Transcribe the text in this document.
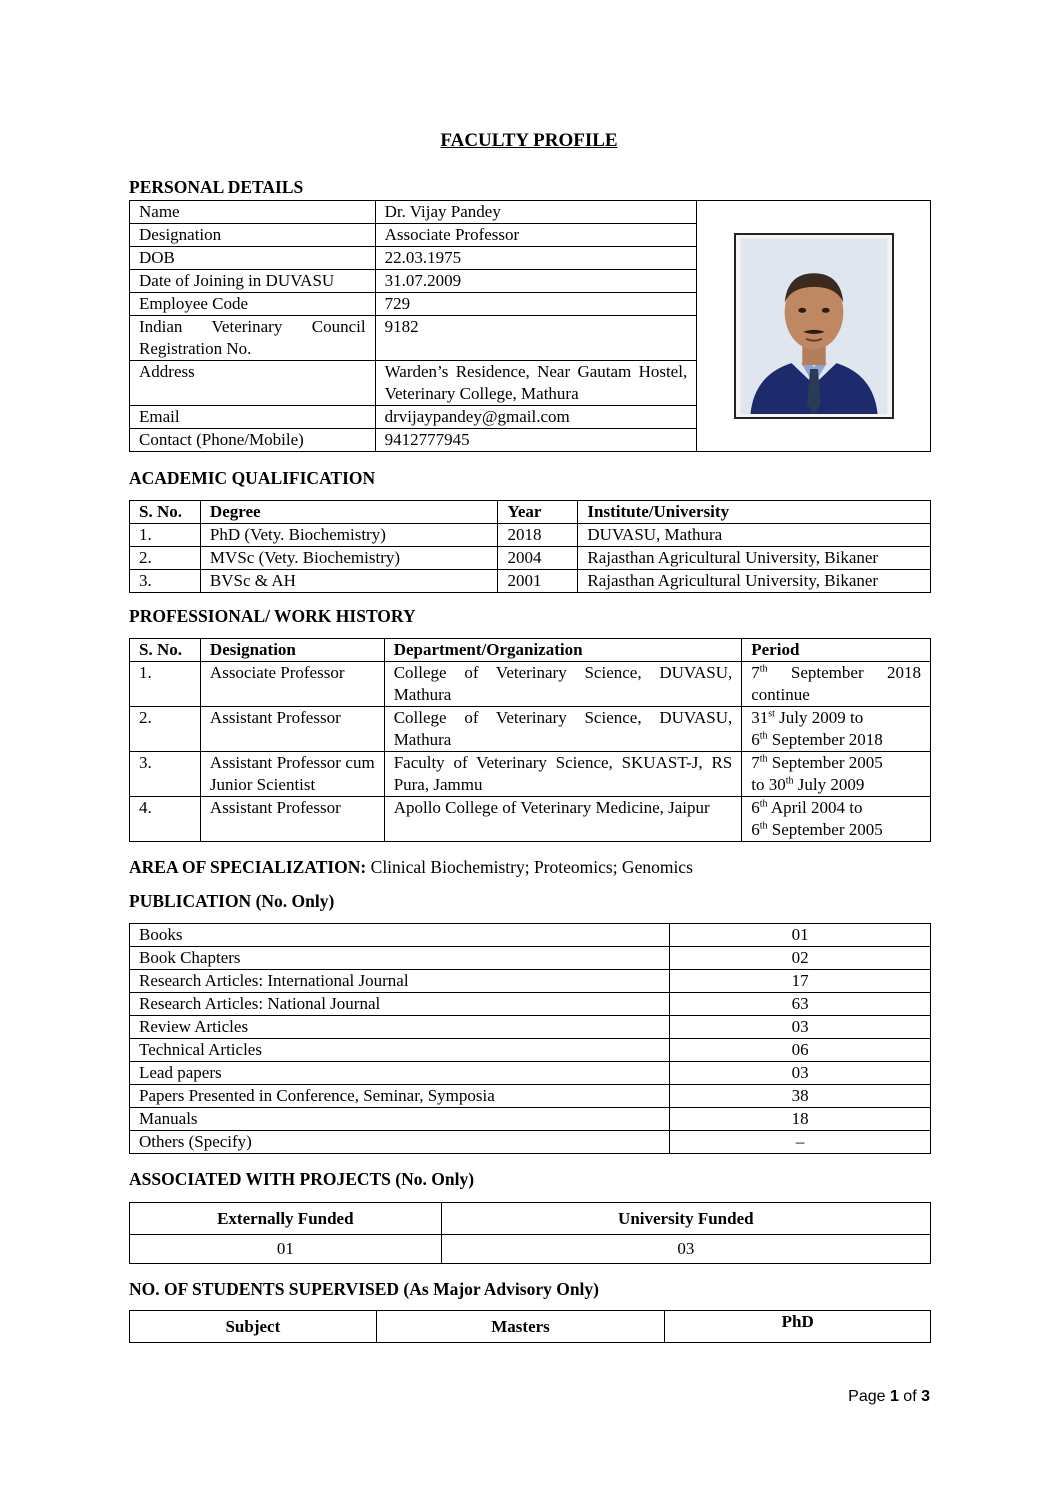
FACULTY PROFILE
PERSONAL DETAILS
Name	Dr. Vijay Pandey	

Designation	Associate Professor	
DOB	22.03.1975	
Date of Joining in DUVASU	31.07.2009	
Employee Code	729	
Indian Veterinary Council Registration No.	9182	
Address	Warden’s Residence, Near Gautam Hostel, Veterinary College, Mathura	
Email	drvijaypandey@gmail.com	
Contact (Phone/Mobile)	9412777945	
ACADEMIC QUALIFICATION
S. No.	Degree	Year	Institute/University
1.	PhD (Vety. Biochemistry)	2018	DUVASU, Mathura
2.	MVSc (Vety. Biochemistry)	2004	Rajasthan Agricultural University, Bikaner
3.	BVSc & AH	2001	Rajasthan Agricultural University, Bikaner
PROFESSIONAL/ WORK HISTORY
S. No.	Designation	Department/Organization	Period
1.	Associate Professor	College of Veterinary Science, DUVASU, Mathura	7th September 2018
continue

2.	Assistant Professor	College of Veterinary Science, DUVASU, Mathura	31st July 2009 to
6th September 2018

3.	Assistant Professor cum Junior Scientist	Faculty of Veterinary Science, SKUAST-J, RS Pura, Jammu	7th September 2005
to 30th July 2009

4.	Assistant Professor	Apollo College of Veterinary Medicine, Jaipur	6th April 2004 to
6th September 2005
AREA OF SPECIALIZATION: Clinical Biochemistry; Proteomics; Genomics
PUBLICATION (No. Only)
Books	01
Book Chapters	02
Research Articles: International Journal	17
Research Articles: National Journal	63
Review Articles	03
Technical Articles	06
Lead papers	03
Papers Presented in Conference, Seminar, Symposia	38
Manuals	18
Others (Specify)	–
ASSOCIATED WITH PROJECTS (No. Only)
Externally Funded	University Funded
01	03
NO. OF STUDENTS SUPERVISED (As Major Advisory Only)
Subject	Masters	PhD
Page 1 of 3
